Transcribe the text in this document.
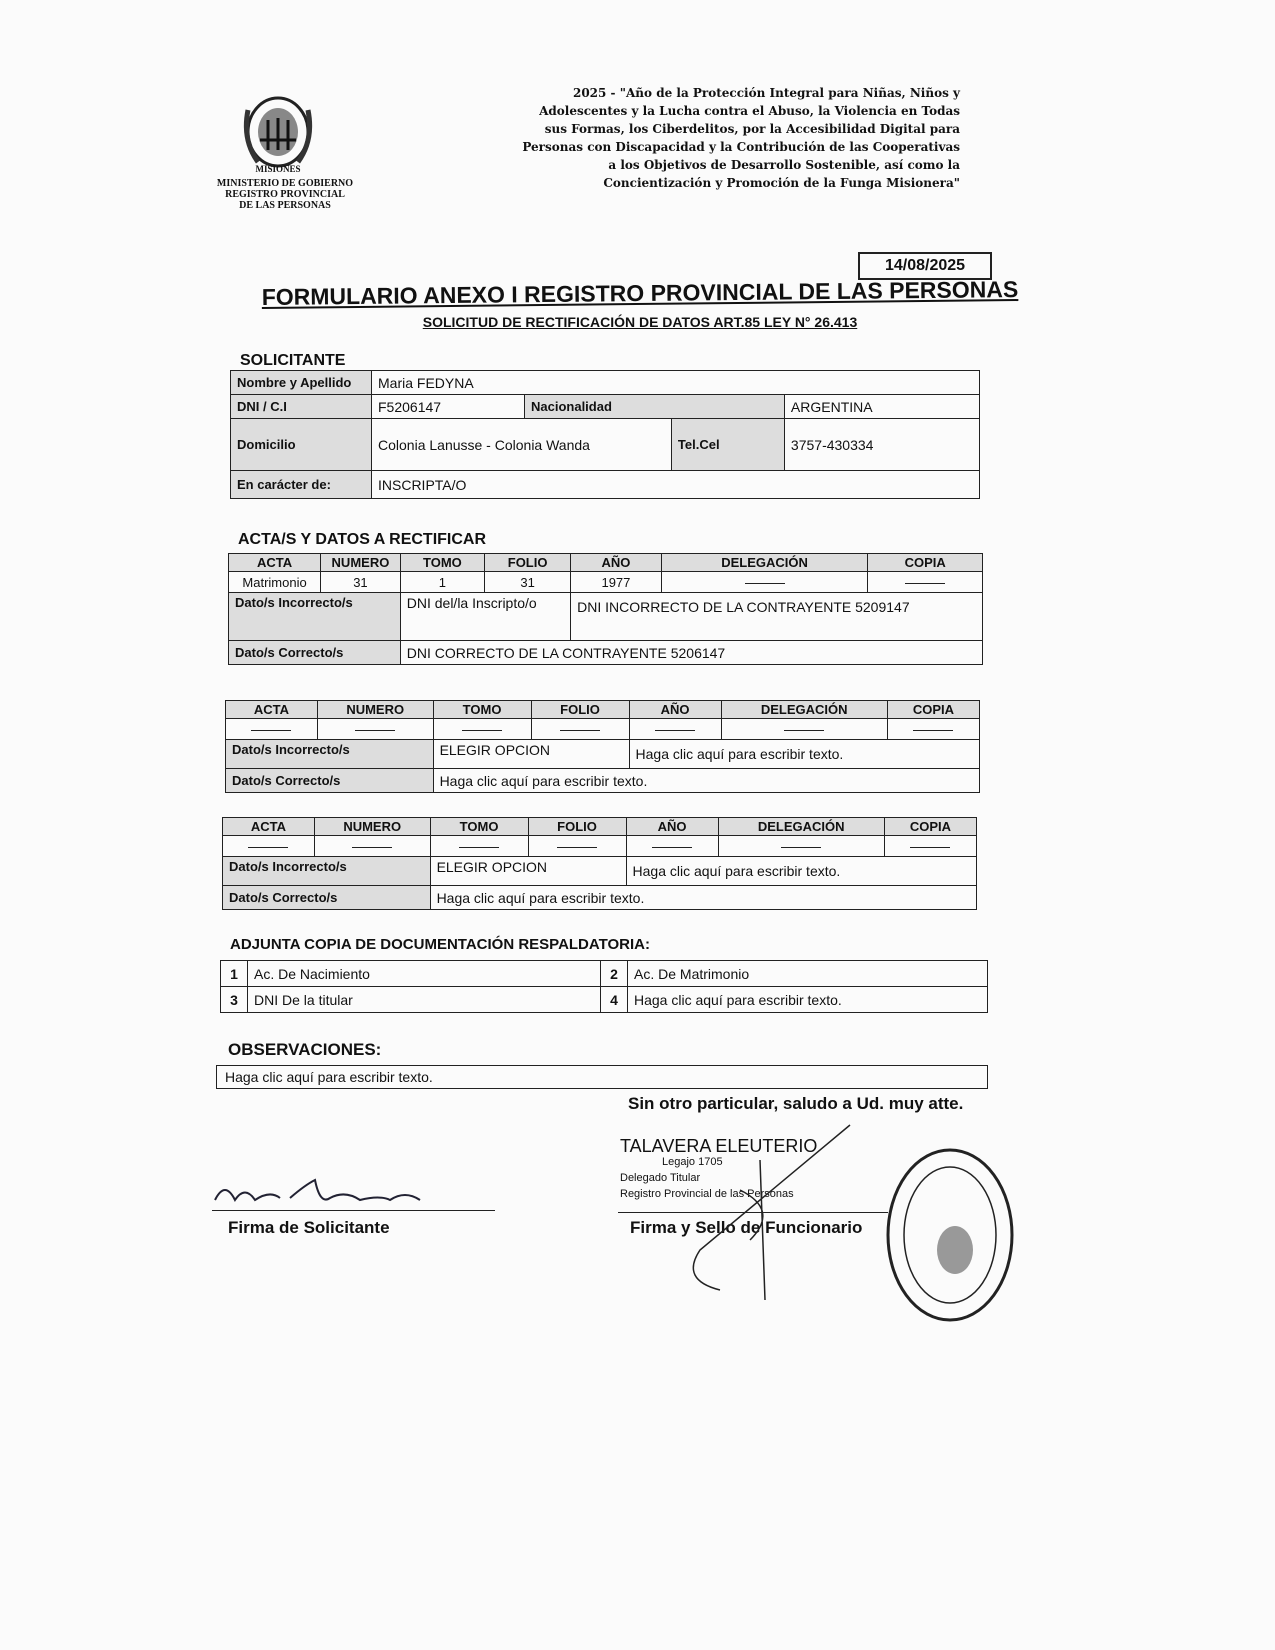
MISIONES
MINISTERIO DE GOBIERNO
REGISTRO PROVINCIAL
DE LAS PERSONAS
2025 - "Año de la Protección Integral para Niñas, Niños y Adolescentes y la Lucha contra el Abuso, la Violencia en Todas sus Formas, los Ciberdelitos, por la Accesibilidad Digital para Personas con Discapacidad y la Contribución de las Cooperativas a los Objetivos de Desarrollo Sostenible, así como la Concientización y Promoción de la Funga Misionera"
14/08/2025
FORMULARIO ANEXO I REGISTRO PROVINCIAL DE LAS PERSONAS
SOLICITUD DE RECTIFICACIÓN DE DATOS ART.85 LEY N° 26.413
SOLICITANTE
Nombre y Apellido	Maria FEDYNA			
DNI / C.I	F5206147	Nacionalidad		ARGENTINA
Domicilio	Colonia Lanusse - Colonia Wanda		Tel.Cel	3757-430334
En carácter de:	INSCRIPTA/O			
ACTA/S Y DATOS A RECTIFICAR
ACTA	NUMERO	TOMO	FOLIO	AÑO	DELEGACIÓN	COPIA
Matrimonio	31	1	31	1977		
Dato/s Incorrecto/s		DNI del/la Inscripto/o		DNI INCORRECTO DE LA CONTRAYENTE 5209147		
Dato/s Correcto/s		DNI CORRECTO DE LA CONTRAYENTE 5206147				
ACTA	NUMERO	TOMO	FOLIO	AÑO	DELEGACIÓN	COPIA

Dato/s Incorrecto/s		ELEGIR OPCION		Haga clic aquí para escribir texto.		
Dato/s Correcto/s		Haga clic aquí para escribir texto.				
ACTA	NUMERO	TOMO	FOLIO	AÑO	DELEGACIÓN	COPIA

Dato/s Incorrecto/s		ELEGIR OPCION		Haga clic aquí para escribir texto.		
Dato/s Correcto/s		Haga clic aquí para escribir texto.				
ADJUNTA COPIA DE DOCUMENTACIÓN RESPALDATORIA:
1	Ac. De Nacimiento	2	Ac. De Matrimonio
3	DNI De la titular	4	Haga clic aquí para escribir texto.
OBSERVACIONES:
Haga clic aquí para escribir texto.
Sin otro particular, saludo a Ud. muy atte.
Firma de Solicitante
TALAVERA ELEUTERIO
Legajo 1705
Delegado Titular
Registro Provincial de las Personas
Firma y Sello de Funcionario
